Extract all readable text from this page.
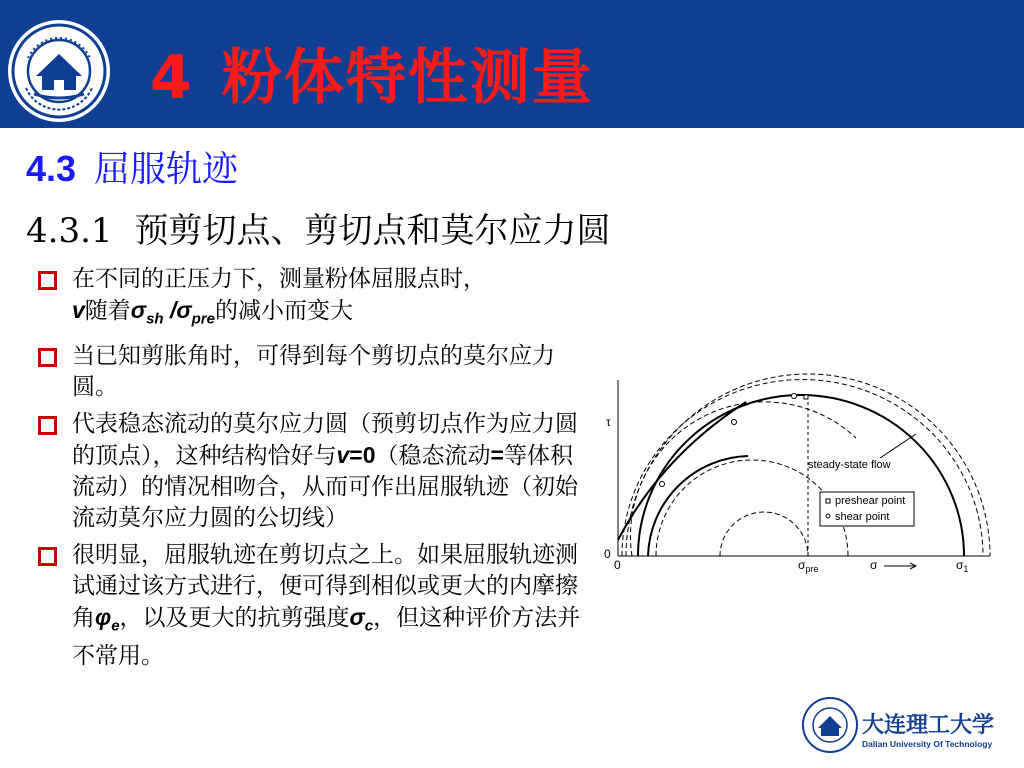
4 粉体特性测量
4.3 屈服轨迹
4.3.1 预剪切点、剪切点和莫尔应力圆
在不同的正压力下，测量粉体屈服点时，
v随着$\sigma_{sh}$ $/\sigma_{pre}$的减小而变大
当已知剪胀角时，可得到每个剪切点的莫尔应力圆。
代表稳态流动的莫尔应力圆（预剪切点作为应力圆的顶点），这种结构恰好与v=0（稳态流动=等体积流动）的情况相吻合，从而可作出屈服轨迹（初始流动莫尔应力圆的公切线）
很明显，屈服轨迹在剪切点之上。如果屈服轨迹测试通过该方式进行，便可得到相似或更大的内摩擦角$\varphi_e$，以及更大的抗剪强度$\sigma_c$，但这种评价方法并不常用。
τ
0
0	$\sigma_{pre}$	σ	$\sigma_1$
steady-state flow
preshear point
shear point
大连理工大学
Dalian University Of Technology
